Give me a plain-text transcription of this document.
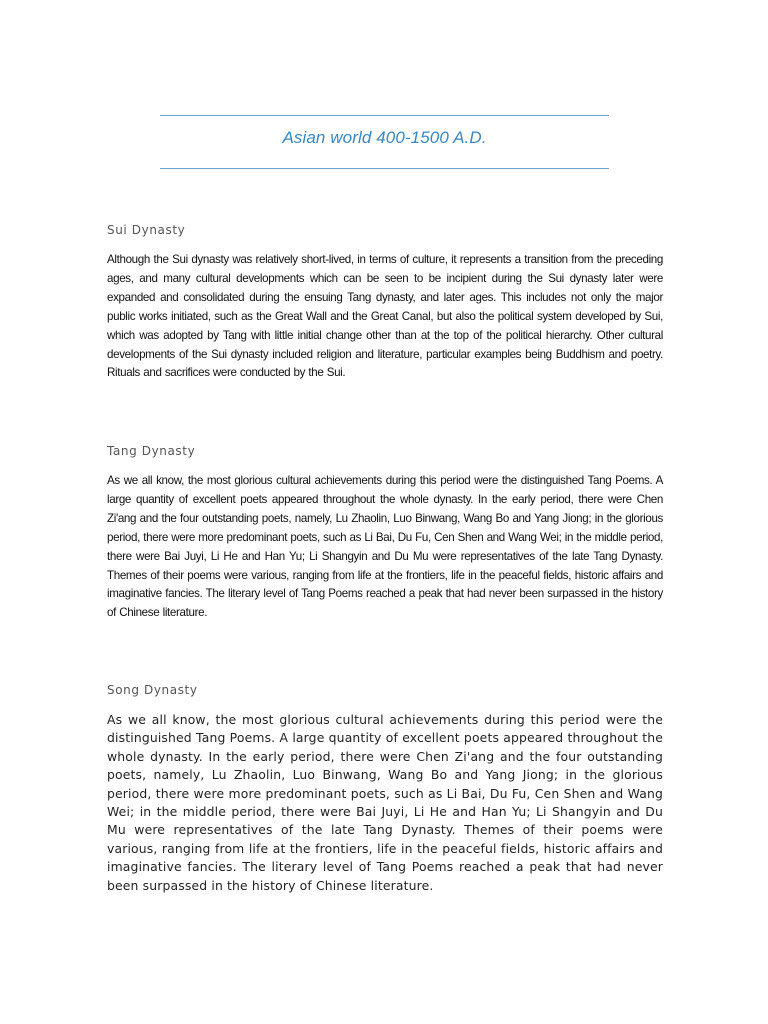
Asian world 400-1500 A.D.
Sui Dynasty

Although the Sui dynasty was relatively short-lived, in terms of culture, it represents a transition from the preceding ages, and many cultural developments which can be seen to be incipient during the Sui dynasty later were expanded and consolidated during the ensuing Tang dynasty, and later ages. This includes not only the major public works initiated, such as the Great Wall and the Great Canal, but also the political system developed by Sui, which was adopted by Tang with little initial change other than at the top of the political hierarchy. Other cultural developments of the Sui dynasty included religion and literature, particular examples being Buddhism and poetry. Rituals and sacrifices were conducted by the Sui.

Tang Dynasty

As we all know, the most glorious cultural achievements during this period were the distinguished Tang Poems. A large quantity of excellent poets appeared throughout the whole dynasty. In the early period, there were Chen Zi'ang and the four outstanding poets, namely, Lu Zhaolin, Luo Binwang, Wang Bo and Yang Jiong; in the glorious period, there were more predominant poets, such as Li Bai, Du Fu, Cen Shen and Wang Wei; in the middle period, there were Bai Juyi, Li He and Han Yu; Li Shangyin and Du Mu were representatives of the late Tang Dynasty. Themes of their poems were various, ranging from life at the frontiers, life in the peaceful fields, historic affairs and imaginative fancies. The literary level of Tang Poems reached a peak that had never been surpassed in the history of Chinese literature.

Song Dynasty

As we all know, the most glorious cultural achievements during this period were the distinguished Tang Poems. A large quantity of excellent poets appeared throughout the whole dynasty. In the early period, there were Chen Zi'ang and the four outstanding poets, namely, Lu Zhaolin, Luo Binwang, Wang Bo and Yang Jiong; in the glorious period, there were more predominant poets, such as Li Bai, Du Fu, Cen Shen and Wang Wei; in the middle period, there were Bai Juyi, Li He and Han Yu; Li Shangyin and Du Mu were representatives of the late Tang Dynasty. Themes of their poems were various, ranging from life at the frontiers, life in the peaceful fields, historic affairs and imaginative fancies. The literary level of Tang Poems reached a peak that had never been surpassed in the history of Chinese literature.
